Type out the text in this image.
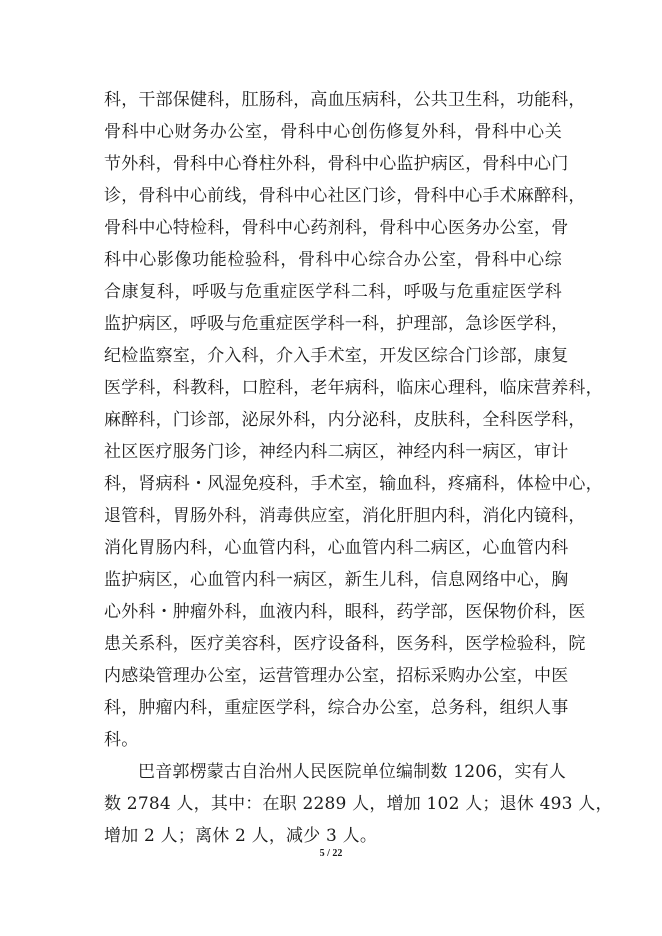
科，干部保健科，肛肠科，高血压病科，公共卫生科，功能科，
骨科中心财务办公室，骨科中心创伤修复外科，骨科中心关
节外科，骨科中心脊柱外科，骨科中心监护病区，骨科中心门
诊，骨科中心前线，骨科中心社区门诊，骨科中心手术麻醉科，
骨科中心特检科，骨科中心药剂科，骨科中心医务办公室，骨
科中心影像功能检验科，骨科中心综合办公室，骨科中心综
合康复科，呼吸与危重症医学科二科，呼吸与危重症医学科
监护病区，呼吸与危重症医学科一科，护理部，急诊医学科，
纪检监察室，介入科，介入手术室，开发区综合门诊部，康复
医学科，科教科，口腔科，老年病科，临床心理科，临床营养科，
麻醉科，门诊部，泌尿外科，内分泌科，皮肤科，全科医学科，
社区医疗服务门诊，神经内科二病区，神经内科一病区，审计
科，肾病科・风湿免疫科，手术室，输血科，疼痛科，体检中心，
退管科，胃肠外科，消毒供应室，消化肝胆内科，消化内镜科，
消化胃肠内科，心血管内科，心血管内科二病区，心血管内科
监护病区，心血管内科一病区，新生儿科，信息网络中心，胸
心外科・肿瘤外科，血液内科，眼科，药学部，医保物价科，医
患关系科，医疗美容科，医疗设备科，医务科，医学检验科，院
内感染管理办公室，运营管理办公室，招标采购办公室，中医
科，肿瘤内科，重症医学科，综合办公室，总务科，组织人事
科。
巴音郭楞蒙古自治州人民医院单位编制数 1206，实有人
数 2784 人，其中：在职 2289 人，增加 102 人；退休 493 人，
增加 2 人；离休 2 人，减少 3 人。
5 / 22
